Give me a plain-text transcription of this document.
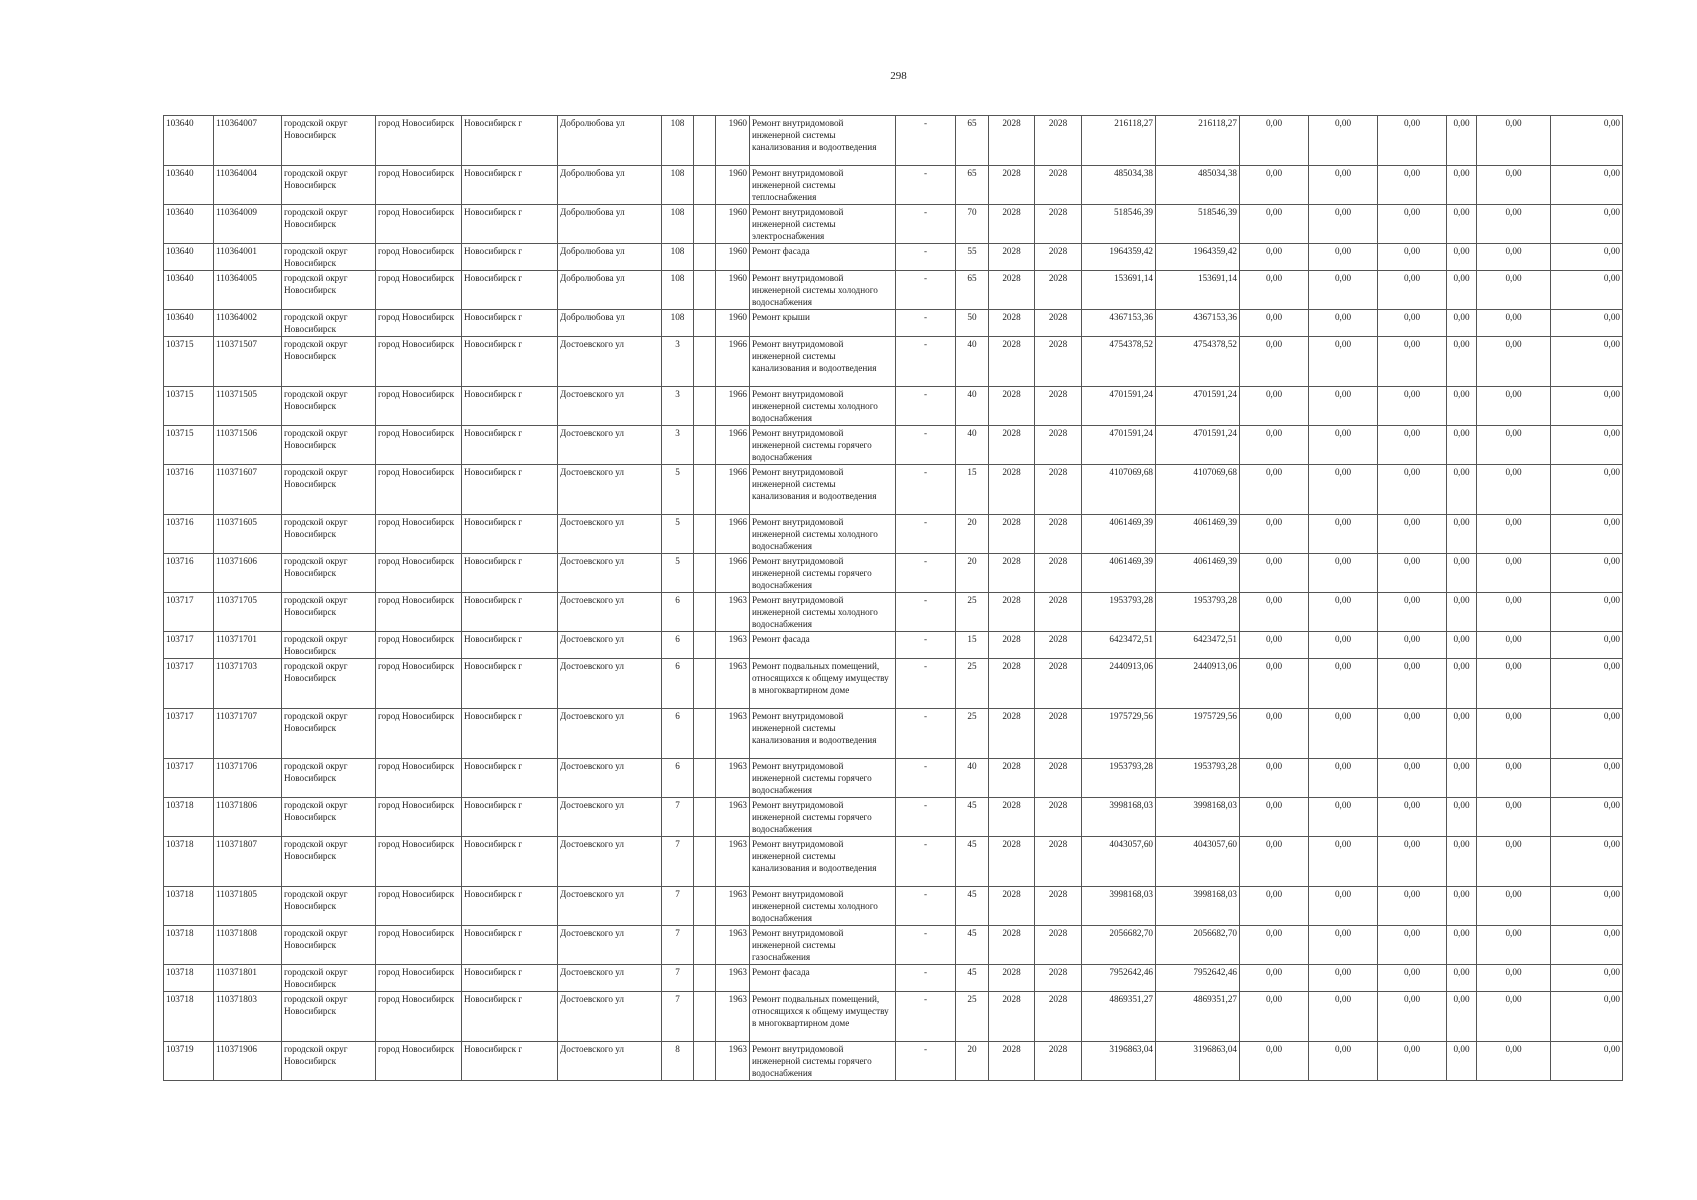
298
103640	110364007	городской округ Новосибирск	город Новосибирск	Новосибирск г	Добролюбова ул	108		1960	Ремонт внутридомовой инженерной системы канализования и водоотведения	-	65	2028	2028	216118,27	216118,27	0,00	0,00	0,00	0,00	0,00	0,00
103640	110364004	городской округ Новосибирск	город Новосибирск	Новосибирск г	Добролюбова ул	108		1960	Ремонт внутридомовой инженерной системы теплоснабжения	-	65	2028	2028	485034,38	485034,38	0,00	0,00	0,00	0,00	0,00	0,00
103640	110364009	городской округ Новосибирск	город Новосибирск	Новосибирск г	Добролюбова ул	108		1960	Ремонт внутридомовой инженерной системы электроснабжения	-	70	2028	2028	518546,39	518546,39	0,00	0,00	0,00	0,00	0,00	0,00
103640	110364001	городской округ Новосибирск	город Новосибирск	Новосибирск г	Добролюбова ул	108		1960	Ремонт фасада	-	55	2028	2028	1964359,42	1964359,42	0,00	0,00	0,00	0,00	0,00	0,00
103640	110364005	городской округ Новосибирск	город Новосибирск	Новосибирск г	Добролюбова ул	108		1960	Ремонт внутридомовой инженерной системы холодного водоснабжения	-	65	2028	2028	153691,14	153691,14	0,00	0,00	0,00	0,00	0,00	0,00
103640	110364002	городской округ Новосибирск	город Новосибирск	Новосибирск г	Добролюбова ул	108		1960	Ремонт крыши	-	50	2028	2028	4367153,36	4367153,36	0,00	0,00	0,00	0,00	0,00	0,00
103715	110371507	городской округ Новосибирск	город Новосибирск	Новосибирск г	Достоевского ул	3		1966	Ремонт внутридомовой инженерной системы канализования и водоотведения	-	40	2028	2028	4754378,52	4754378,52	0,00	0,00	0,00	0,00	0,00	0,00
103715	110371505	городской округ Новосибирск	город Новосибирск	Новосибирск г	Достоевского ул	3		1966	Ремонт внутридомовой инженерной системы холодного водоснабжения	-	40	2028	2028	4701591,24	4701591,24	0,00	0,00	0,00	0,00	0,00	0,00
103715	110371506	городской округ Новосибирск	город Новосибирск	Новосибирск г	Достоевского ул	3		1966	Ремонт внутридомовой инженерной системы горячего водоснабжения	-	40	2028	2028	4701591,24	4701591,24	0,00	0,00	0,00	0,00	0,00	0,00
103716	110371607	городской округ Новосибирск	город Новосибирск	Новосибирск г	Достоевского ул	5		1966	Ремонт внутридомовой инженерной системы канализования и водоотведения	-	15	2028	2028	4107069,68	4107069,68	0,00	0,00	0,00	0,00	0,00	0,00
103716	110371605	городской округ Новосибирск	город Новосибирск	Новосибирск г	Достоевского ул	5		1966	Ремонт внутридомовой инженерной системы холодного водоснабжения	-	20	2028	2028	4061469,39	4061469,39	0,00	0,00	0,00	0,00	0,00	0,00
103716	110371606	городской округ Новосибирск	город Новосибирск	Новосибирск г	Достоевского ул	5		1966	Ремонт внутридомовой инженерной системы горячего водоснабжения	-	20	2028	2028	4061469,39	4061469,39	0,00	0,00	0,00	0,00	0,00	0,00
103717	110371705	городской округ Новосибирск	город Новосибирск	Новосибирск г	Достоевского ул	6		1963	Ремонт внутридомовой инженерной системы холодного водоснабжения	-	25	2028	2028	1953793,28	1953793,28	0,00	0,00	0,00	0,00	0,00	0,00
103717	110371701	городской округ Новосибирск	город Новосибирск	Новосибирск г	Достоевского ул	6		1963	Ремонт фасада	-	15	2028	2028	6423472,51	6423472,51	0,00	0,00	0,00	0,00	0,00	0,00
103717	110371703	городской округ Новосибирск	город Новосибирск	Новосибирск г	Достоевского ул	6		1963	Ремонт подвальных помещений, относящихся к общему имуществу в многоквартирном доме	-	25	2028	2028	2440913,06	2440913,06	0,00	0,00	0,00	0,00	0,00	0,00
103717	110371707	городской округ Новосибирск	город Новосибирск	Новосибирск г	Достоевского ул	6		1963	Ремонт внутридомовой инженерной системы канализования и водоотведения	-	25	2028	2028	1975729,56	1975729,56	0,00	0,00	0,00	0,00	0,00	0,00
103717	110371706	городской округ Новосибирск	город Новосибирск	Новосибирск г	Достоевского ул	6		1963	Ремонт внутридомовой инженерной системы горячего водоснабжения	-	40	2028	2028	1953793,28	1953793,28	0,00	0,00	0,00	0,00	0,00	0,00
103718	110371806	городской округ Новосибирск	город Новосибирск	Новосибирск г	Достоевского ул	7		1963	Ремонт внутридомовой инженерной системы горячего водоснабжения	-	45	2028	2028	3998168,03	3998168,03	0,00	0,00	0,00	0,00	0,00	0,00
103718	110371807	городской округ Новосибирск	город Новосибирск	Новосибирск г	Достоевского ул	7		1963	Ремонт внутридомовой инженерной системы канализования и водоотведения	-	45	2028	2028	4043057,60	4043057,60	0,00	0,00	0,00	0,00	0,00	0,00
103718	110371805	городской округ Новосибирск	город Новосибирск	Новосибирск г	Достоевского ул	7		1963	Ремонт внутридомовой инженерной системы холодного водоснабжения	-	45	2028	2028	3998168,03	3998168,03	0,00	0,00	0,00	0,00	0,00	0,00
103718	110371808	городской округ Новосибирск	город Новосибирск	Новосибирск г	Достоевского ул	7		1963	Ремонт внутридомовой инженерной системы газоснабжения	-	45	2028	2028	2056682,70	2056682,70	0,00	0,00	0,00	0,00	0,00	0,00
103718	110371801	городской округ Новосибирск	город Новосибирск	Новосибирск г	Достоевского ул	7		1963	Ремонт фасада	-	45	2028	2028	7952642,46	7952642,46	0,00	0,00	0,00	0,00	0,00	0,00
103718	110371803	городской округ Новосибирск	город Новосибирск	Новосибирск г	Достоевского ул	7		1963	Ремонт подвальных помещений, относящихся к общему имуществу в многоквартирном доме	-	25	2028	2028	4869351,27	4869351,27	0,00	0,00	0,00	0,00	0,00	0,00
103719	110371906	городской округ Новосибирск	город Новосибирск	Новосибирск г	Достоевского ул	8		1963	Ремонт внутридомовой инженерной системы горячего водоснабжения	-	20	2028	2028	3196863,04	3196863,04	0,00	0,00	0,00	0,00	0,00	0,00
